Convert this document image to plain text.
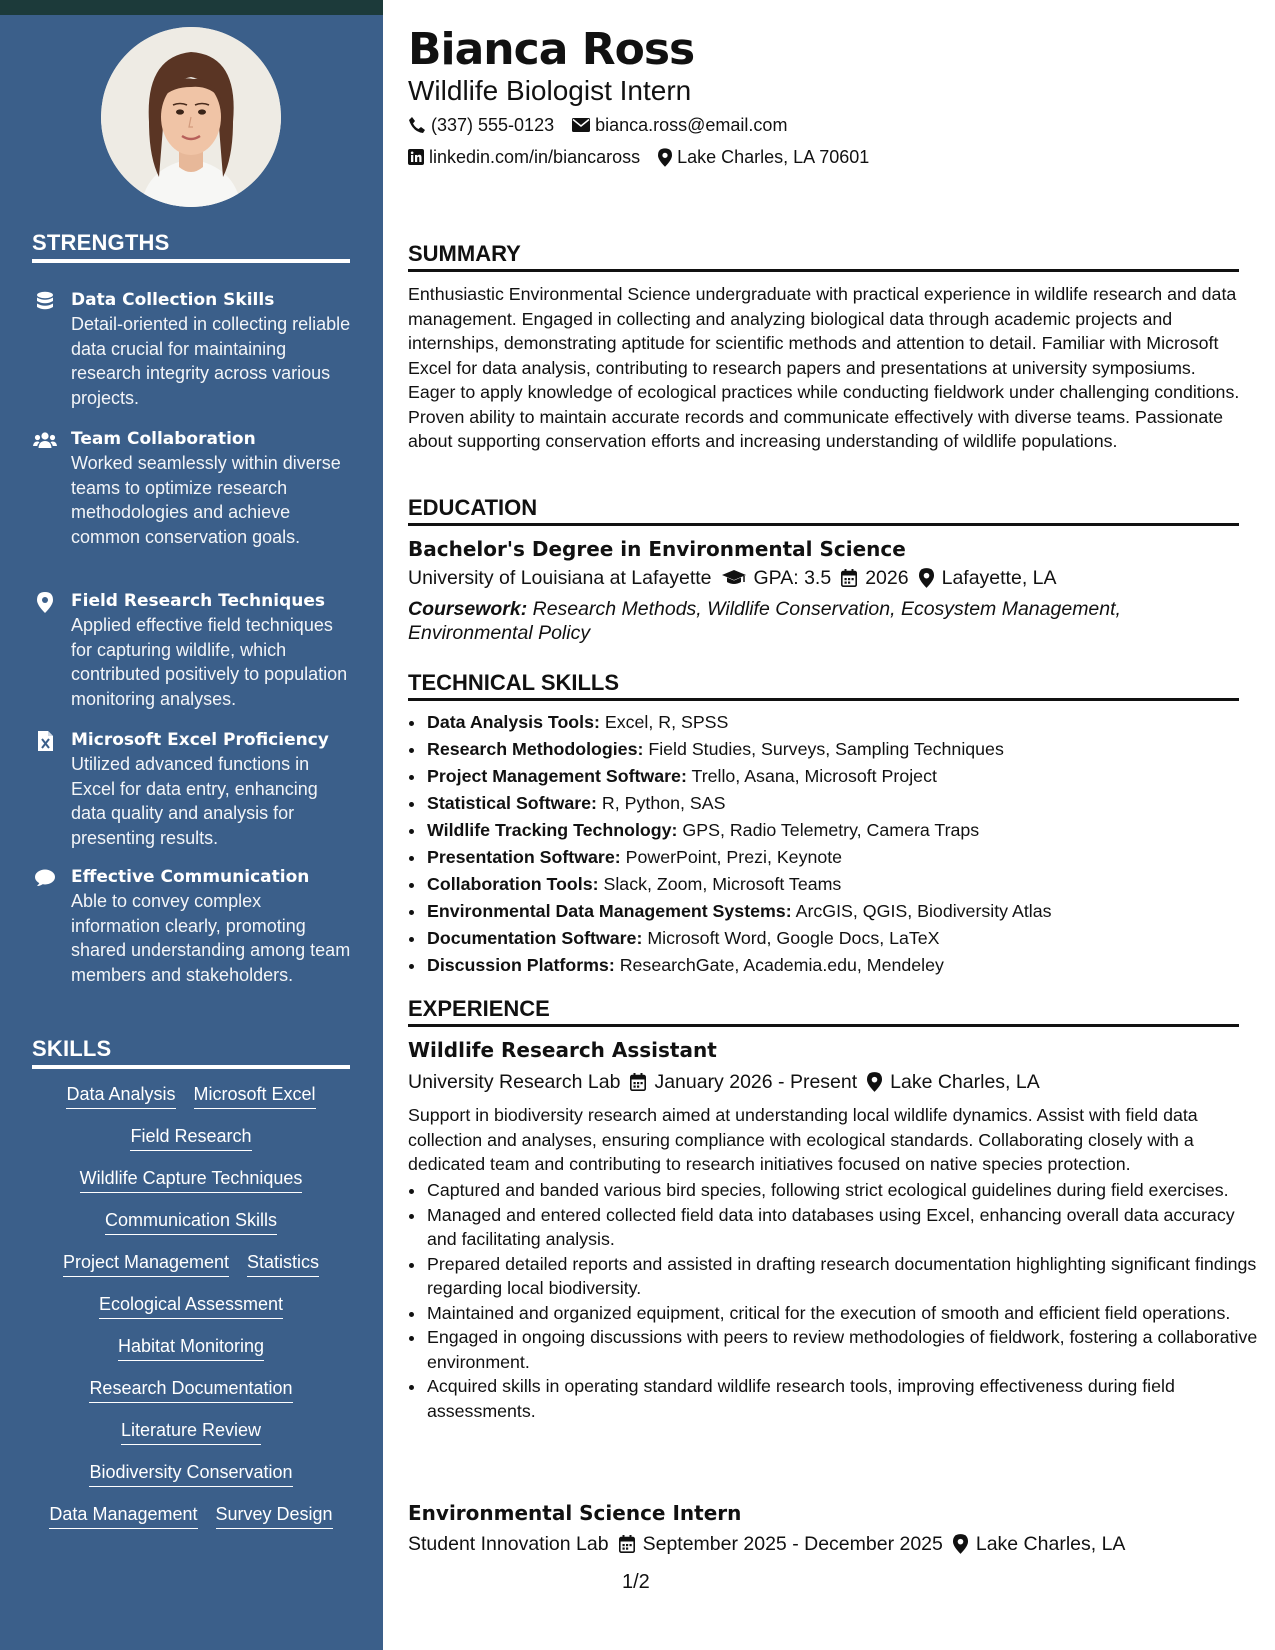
STRENGTHS
Data Collection Skills
Detail-oriented in collecting reliable data crucial for maintaining research integrity across various projects.
Team Collaboration
Worked seamlessly within diverse teams to optimize research methodologies and achieve common conservation goals.
Field Research Techniques
Applied effective field techniques for capturing wildlife, which contributed positively to population monitoring analyses.
Microsoft Excel Proficiency
Utilized advanced functions in Excel for data entry, enhancing data quality and analysis for presenting results.
Effective Communication
Able to convey complex information clearly, promoting shared understanding among team members and stakeholders.
SKILLS
Data Analysis Microsoft Excel
Field Research
Wildlife Capture Techniques
Communication Skills
Project Management Statistics
Ecological Assessment
Habitat Monitoring
Research Documentation
Literature Review
Biodiversity Conservation
Data Management Survey Design
Bianca Ross
Wildlife Biologist Intern
(337) 555-0123 bianca.ross@email.com
linkedin.com/in/biancaross Lake Charles, LA 70601
SUMMARY
Enthusiastic Environmental Science undergraduate with practical experience in wildlife research and data management. Engaged in collecting and analyzing biological data through academic projects and internships, demonstrating aptitude for scientific methods and attention to detail. Familiar with Microsoft Excel for data analysis, contributing to research papers and presentations at university symposiums. Eager to apply knowledge of ecological practices while conducting fieldwork under challenging conditions. Proven ability to maintain accurate records and communicate effectively with diverse teams. Passionate about supporting conservation efforts and increasing understanding of wildlife populations.
EDUCATION
Bachelor's Degree in Environmental Science
University of Louisiana at Lafayette GPA: 3.5 2026 Lafayette, LA
Coursework: Research Methods, Wildlife Conservation, Ecosystem Management, Environmental Policy
TECHNICAL SKILLS
• Data Analysis Tools: Excel, R, SPSS
• Research Methodologies: Field Studies, Surveys, Sampling Techniques
• Project Management Software: Trello, Asana, Microsoft Project
• Statistical Software: R, Python, SAS
• Wildlife Tracking Technology: GPS, Radio Telemetry, Camera Traps
• Presentation Software: PowerPoint, Prezi, Keynote
• Collaboration Tools: Slack, Zoom, Microsoft Teams
• Environmental Data Management Systems: ArcGIS, QGIS, Biodiversity Atlas
• Documentation Software: Microsoft Word, Google Docs, LaTeX
• Discussion Platforms: ResearchGate, Academia.edu, Mendeley
EXPERIENCE
Wildlife Research Assistant
University Research Lab January 2026 - Present Lake Charles, LA
Support in biodiversity research aimed at understanding local wildlife dynamics. Assist with field data collection and analyses, ensuring compliance with ecological standards. Collaborating closely with a dedicated team and contributing to research initiatives focused on native species protection.
• Captured and banded various bird species, following strict ecological guidelines during field exercises.
• Managed and entered collected field data into databases using Excel, enhancing overall data accuracy and facilitating analysis.
• Prepared detailed reports and assisted in drafting research documentation highlighting significant findings regarding local biodiversity.
• Maintained and organized equipment, critical for the execution of smooth and efficient field operations.
• Engaged in ongoing discussions with peers to review methodologies of fieldwork, fostering a collaborative environment.
• Acquired skills in operating standard wildlife research tools, improving effectiveness during field assessments.
Environmental Science Intern
Student Innovation Lab September 2025 - December 2025 Lake Charles, LA
1/2
